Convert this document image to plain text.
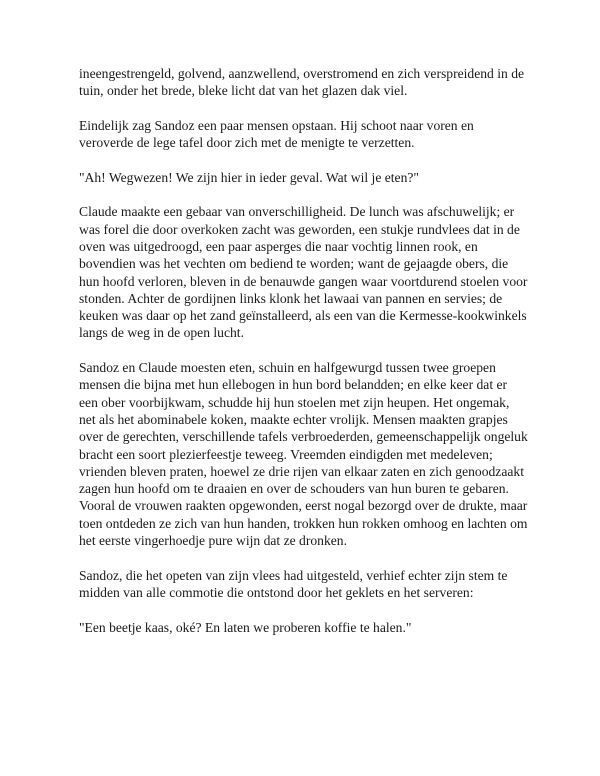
ineengestrengeld, golvend, aanzwellend, overstromend en zich verspreidend in de tuin, onder het brede, bleke licht dat van het glazen dak viel.

Eindelijk zag Sandoz een paar mensen opstaan. Hij schoot naar voren en veroverde de lege tafel door zich met de menigte te verzetten.

"Ah! Wegwezen! We zijn hier in ieder geval. Wat wil je eten?"

Claude maakte een gebaar van onverschilligheid. De lunch was afschuwelijk; er was forel die door overkoken zacht was geworden, een stukje rundvlees dat in de oven was uitgedroogd, een paar asperges die naar vochtig linnen rook, en bovendien was het vechten om bediend te worden; want de gejaagde obers, die hun hoofd verloren, bleven in de benauwde gangen waar voortdurend stoelen voor stonden. Achter de gordijnen links klonk het lawaai van pannen en servies; de keuken was daar op het zand geïnstalleerd, als een van die Kermesse-kookwinkels langs de weg in de open lucht.

Sandoz en Claude moesten eten, schuin en halfgewurgd tussen twee groepen mensen die bijna met hun ellebogen in hun bord belandden; en elke keer dat er een ober voorbijkwam, schudde hij hun stoelen met zijn heupen. Het ongemak, net als het abominabele koken, maakte echter vrolijk. Mensen maakten grapjes over de gerechten, verschillende tafels verbroederden, gemeenschappelijk ongeluk bracht een soort plezierfeestje teweeg. Vreemden eindigden met medeleven; vrienden bleven praten, hoewel ze drie rijen van elkaar zaten en zich genoodzaakt zagen hun hoofd om te draaien en over de schouders van hun buren te gebaren. Vooral de vrouwen raakten opgewonden, eerst nogal bezorgd over de drukte, maar toen ontdeden ze zich van hun handen, trokken hun rokken omhoog en lachten om het eerste vingerhoedje pure wijn dat ze dronken.

Sandoz, die het opeten van zijn vlees had uitgesteld, verhief echter zijn stem te midden van alle commotie die ontstond door het geklets en het serveren:

"Een beetje kaas, oké? En laten we proberen koffie te halen."
